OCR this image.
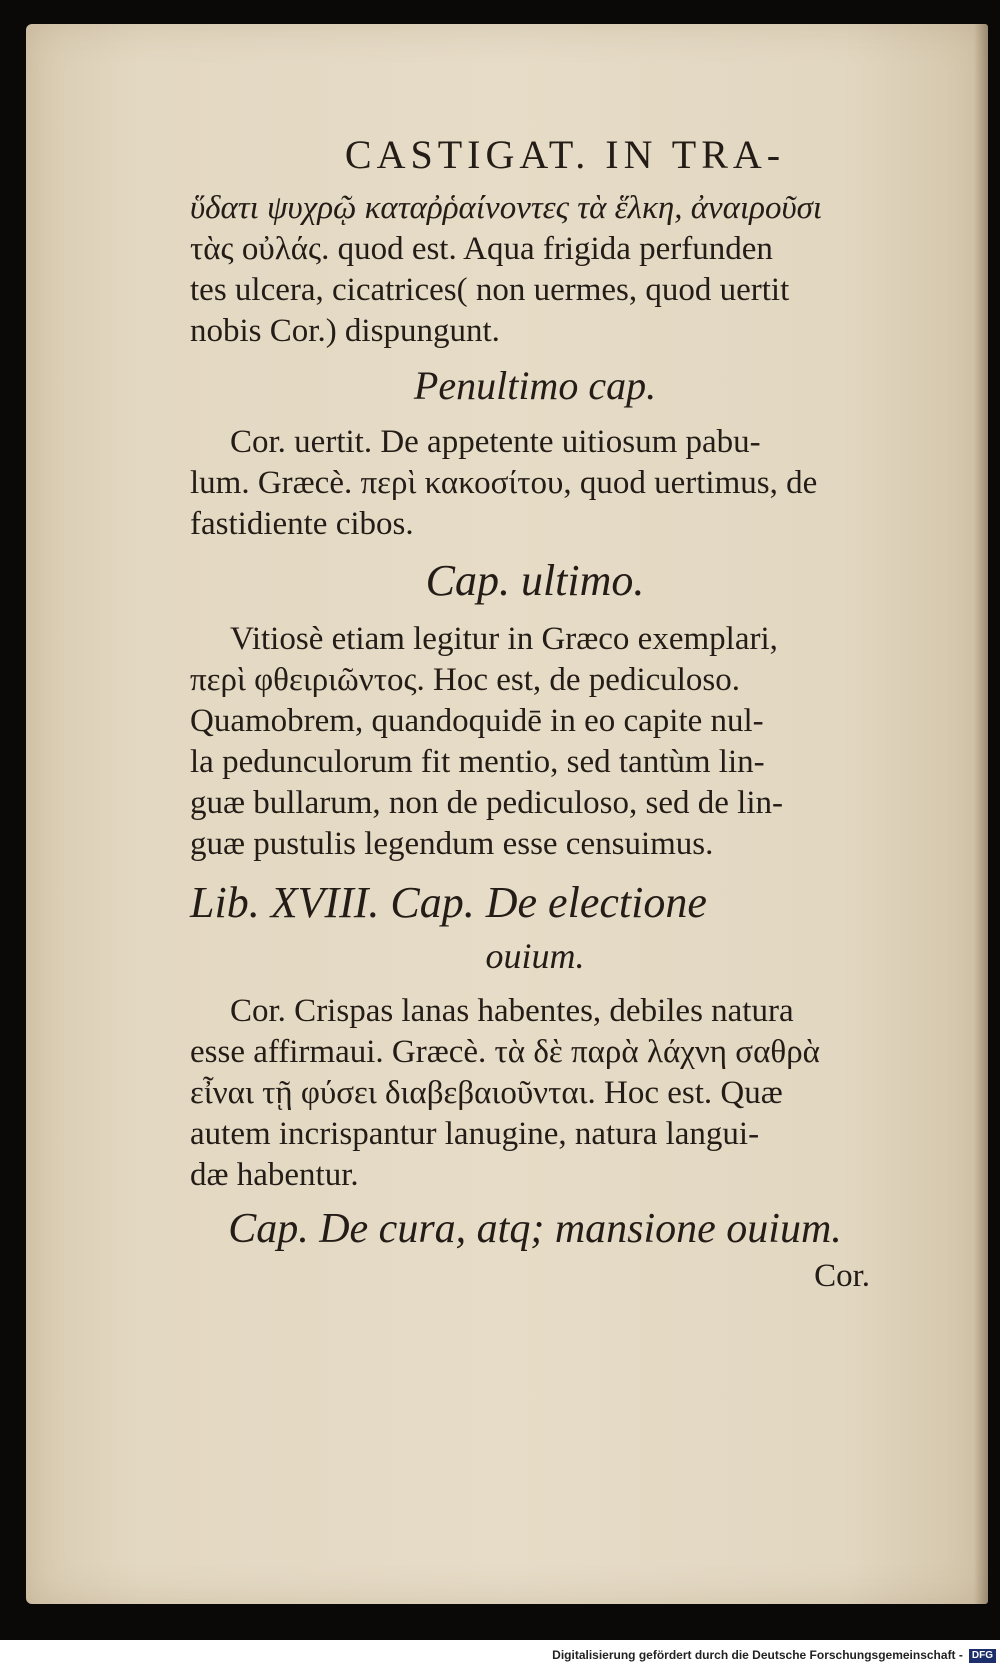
CASTIGAT. IN TRA-
ὕδατι ψυχρῷ καταῤῥαίνοντες τὰ ἕλκη, ἀναιροῦσι
τὰς οὐλάς. quod est. Aqua frigida perfunden
tes ulcera, cicatrices( non uermes, quod uertit
nobis Cor.) dispungunt.
Penultimo cap.
Cor. uertit. De appetente uitiosum pabu-
lum. Græcè. περὶ κακοσίτου, quod uertimus, de
fastidiente cibos.
Cap. ultimo.
Vitiosè etiam legitur in Græco exemplari,
περὶ φθειριῶντος. Hoc est, de pediculoso.
Quamobrem, quandoquidē in eo capite nul-
la pedunculorum fit mentio, sed tantùm lin-
guæ bullarum, non de pediculoso, sed de lin-
guæ pustulis legendum esse censuimus.
Lib. XVIII. Cap. De electione
ouium.
Cor. Crispas lanas habentes, debiles natura
esse affirmaui. Græcè. τὰ δὲ παρὰ λάχνη σαθρὰ
εἶναι τῇ φύσει διαβεβαιοῦνται. Hoc est. Quæ
autem incrispantur lanugine, natura langui-
dæ habentur.
Cap. De cura, atq; mansione ouium.
Cor.
Digitalisierung gefördert durch die Deutsche Forschungsgemeinschaft - DFG
